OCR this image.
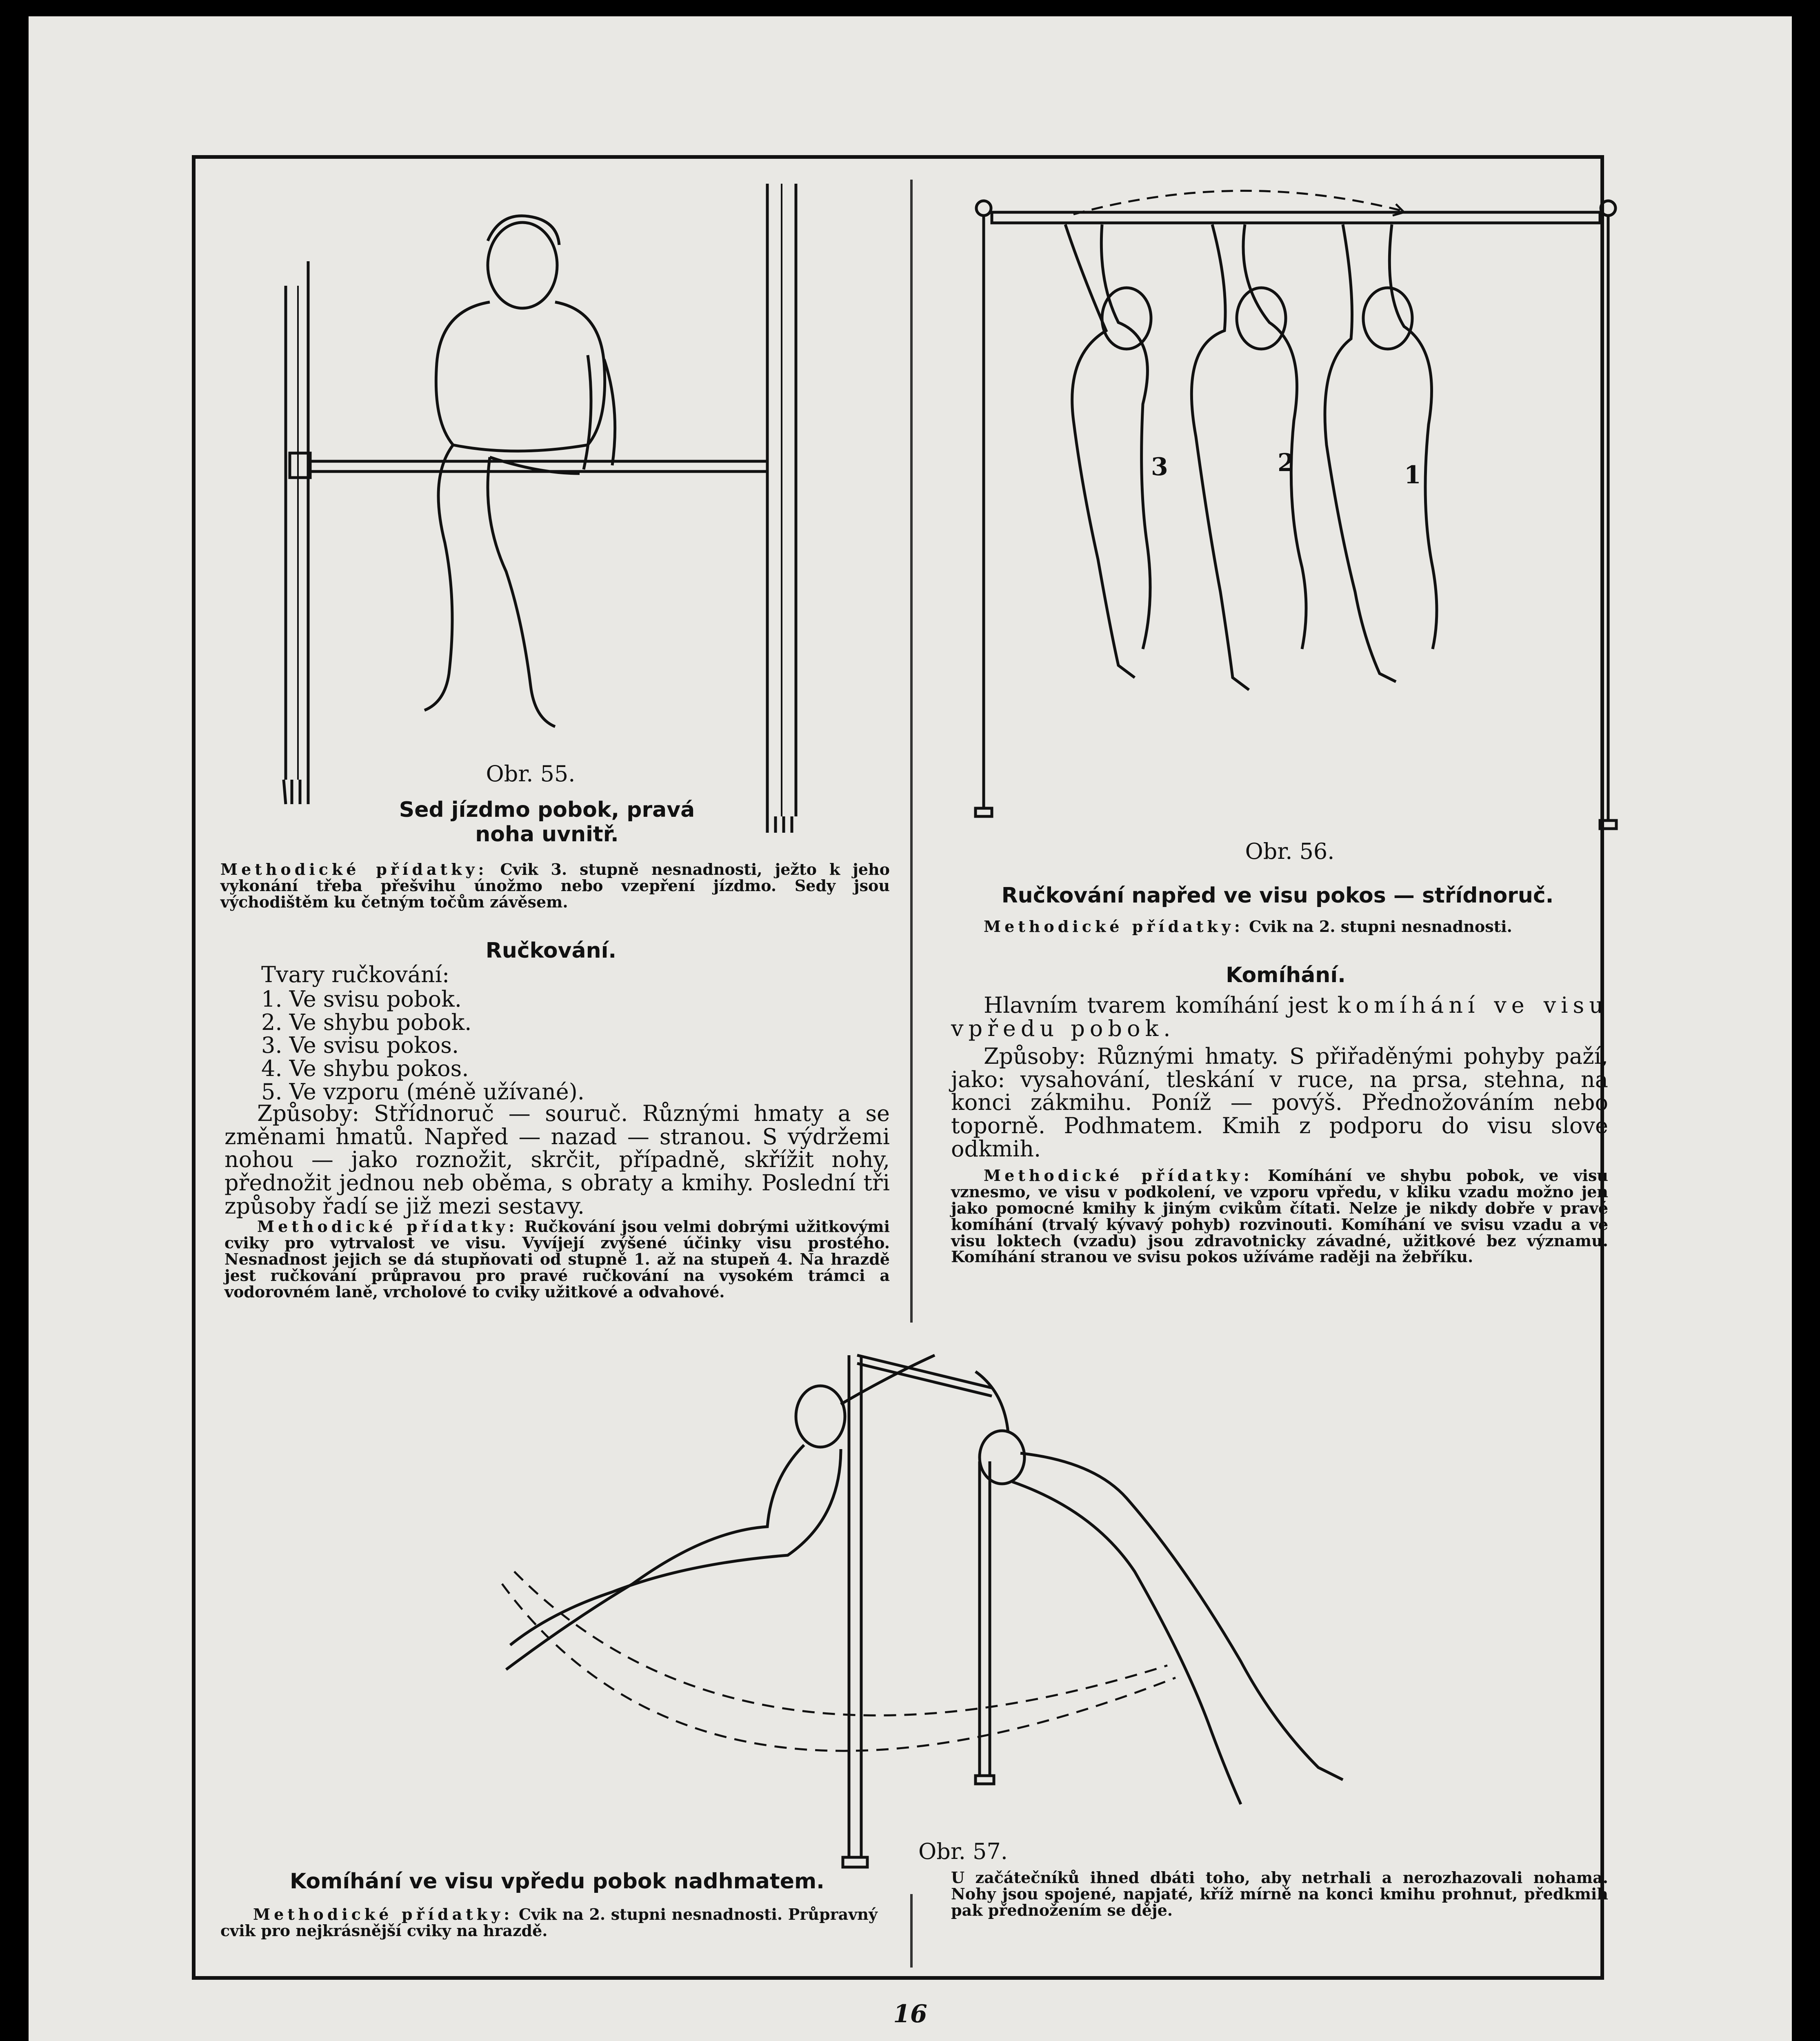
Obr. 55.

Sed jízdmo pobok, pravá noha uvnitř.

Methodické přídatky: Cvik 3. stupně nesnadnosti, ježto k jeho vykonání třeba přešvihu únožmo nebo vzepření jízdmo. Sedy jsou východištěm ku četným točům závěsem.

Ručkování.

Tvary ručkování:

1. Ve svisu pobok.
2. Ve shybu pobok.
3. Ve svisu pokos.
4. Ve shybu pokos.
5. Ve vzporu (méně užívané).

Způsoby: Střídnoruč — souruč. Různými hmaty a se změnami hmatů. Napřed — nazad — stranou. S výdržemi nohou — jako roznožit, skrčit, případně, skřížit nohy, přednožit jednou neb oběma, s obraty a kmihy. Poslední tři způsoby řadí se již mezi sestavy.

Methodické přídatky: Ručkování jsou velmi dobrými užitkovými cviky pro vytrvalost ve visu. Vyvíjejí zvýšené účinky visu prostého. Nesnadnost jejich se dá stupňovati od stupně 1. až na stupeň 4. Na hrazdě jest ručkování průpravou pro pravé ručkování na vysokém trámci a vodorovném laně, vrcholové to cviky užitkové a odvahové.

3	2	1

Obr. 56.

Ručkování napřed ve visu pokos — střídnoruč.

Methodické přídatky: Cvik na 2. stupni nesnadnosti.

Komíhání.

Hlavním tvarem komíhání jest komíhání ve visu vpředu pobok.

Způsoby: Různými hmaty. S přiřaděnými pohyby paží, jako: vysahování, tleskání v ruce, na prsa, stehna, na konci zákmihu. Poníž — povýš. Přednožováním nebo toporně. Podhmatem. Kmih z podporu do visu slove odkmih.

Methodické přídatky: Komíhání ve shybu pobok, ve visu vznesmo, ve visu v podkolení, ve vzporu vpředu, v kliku vzadu možno jen jako pomocné kmihy k jiným cvikům čítati. Nelze je nikdy dobře v pravé komíhání (trvalý kývavý pohyb) rozvinouti. Komíhání ve svisu vzadu a ve visu loktech (vzadu) jsou zdravotnicky závadné, užitkové bez významu. Komíhání stranou ve svisu pokos užíváme raději na žebříku.

Obr. 57.

Komíhání ve visu vpředu pobok nadhmatem.

Methodické přídatky: Cvik na 2. stupni nesnadnosti. Průpravný cvik pro nejkrásnější cviky na hrazdě.

U začátečníků ihned dbáti toho, aby netrhali a nerozhazovali nohama. Nohy jsou spojené, napjaté, kříž mírně na konci kmihu prohnut, předkmih pak přednožením se děje.

16
